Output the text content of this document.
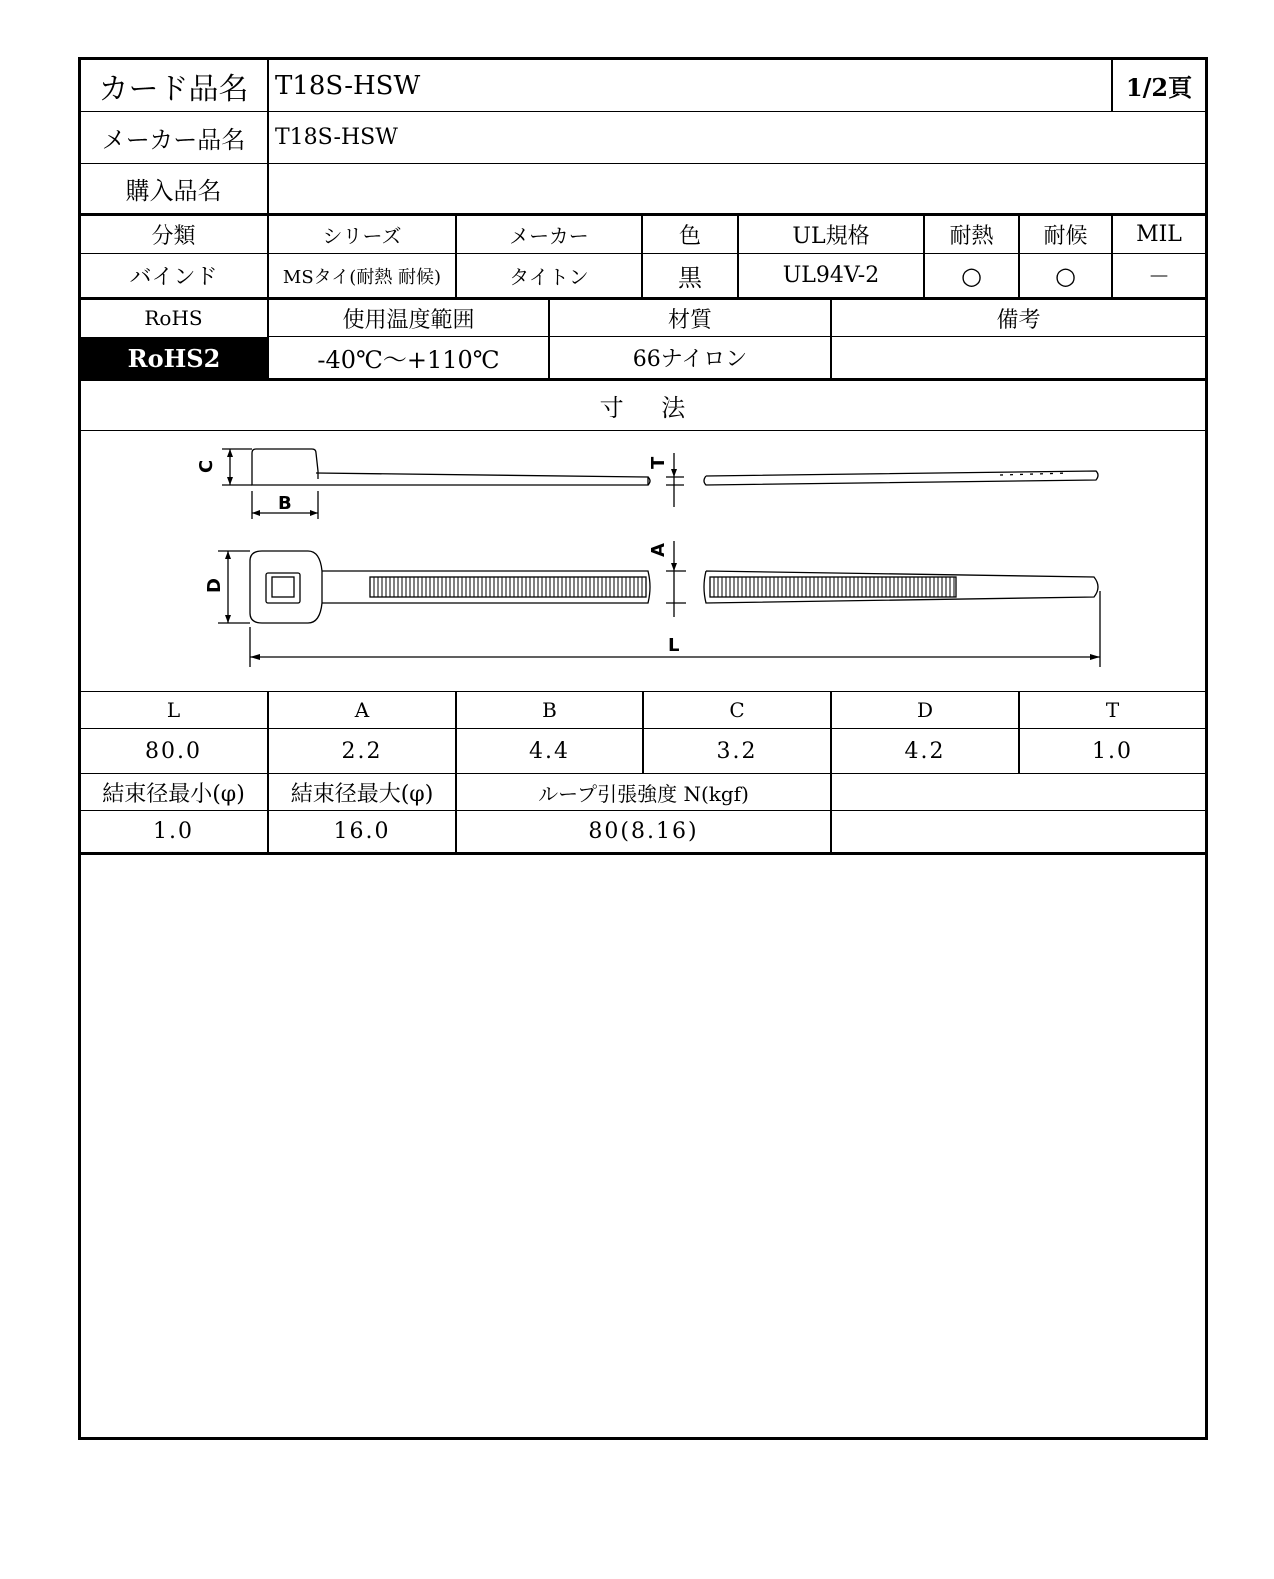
カード品名	T18S-HSW	1/2頁
メーカー品名	T18S-HSW
購入品名
分類	シリーズ	メーカー	色	UL規格	耐熱	耐候	MIL
バインド	MSタイ(耐熱 耐候)	タイトン	黒	UL94V-2	○	○	－
RoHS	使用温度範囲	材質	備考
RoHS2	-40℃～+110℃	66ナイロン
寸 法
C
B
T
A
D
L
L	A	B	C	D	T
80.0	2.2	4.4	3.2	4.2	1.0
結束径最小(φ)	結束径最大(φ)	ループ引張強度 N(kgf)
1.0	16.0	80(8.16)
